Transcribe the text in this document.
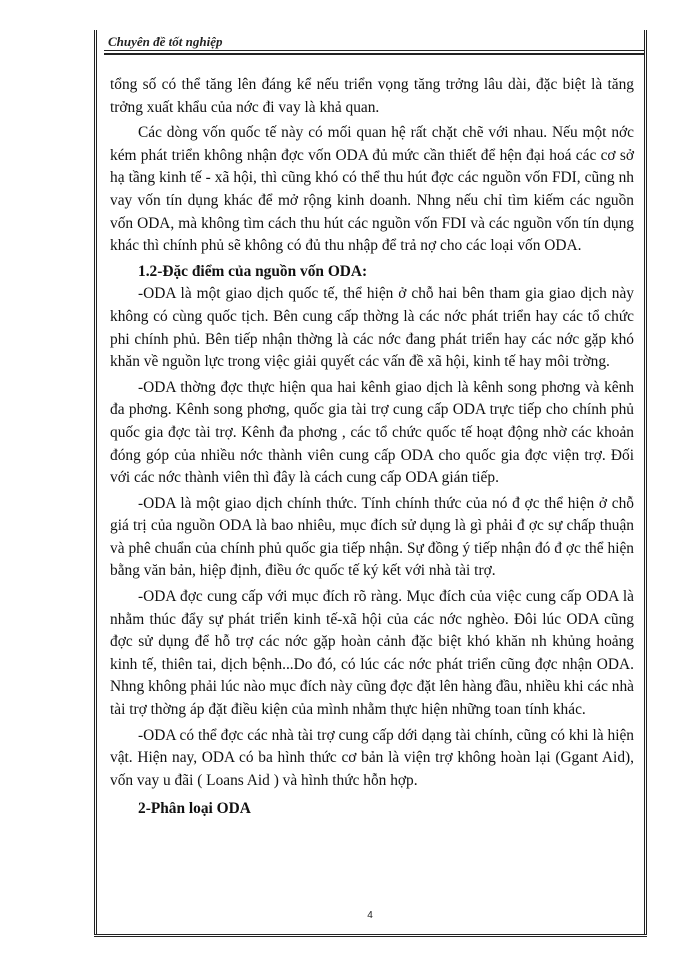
Chuyên đề tốt nghiệp

tổng số có thể tăng lên đáng kể nếu triển vọng tăng trởng lâu dài, đặc biệt là tăng trởng xuất khẩu của nớc đi vay là khả quan.

Các dòng vốn quốc tế này có mối quan hệ rất chặt chẽ với nhau. Nếu một nớc kém phát triển không nhận đợc vốn ODA đủ mức cần thiết để hện đại hoá các cơ sở hạ tầng kinh tế - xã hội, thì cũng khó có thể thu hút đợc các nguồn vốn FDI, cũng nh vay vốn tín dụng khác để mở rộng kinh doanh. Nhng nếu chỉ tìm kiếm các nguồn vốn ODA, mà không tìm cách thu hút các nguồn vốn FDI và các nguồn vốn tín dụng khác thì chính phủ sẽ không có đủ thu nhập để trả nợ cho các loại vốn ODA.

1.2-Đặc điểm của nguồn vốn ODA:

-ODA là một giao dịch quốc tế, thể hiện ở chỗ hai bên tham gia giao dịch này không có cùng quốc tịch. Bên cung cấp thờng là các nớc phát triển hay các tổ chức phi chính phủ. Bên tiếp nhận thờng là các nớc đang phát triển hay các nớc gặp khó khăn về nguồn lực trong việc giải quyết các vấn đề xã hội, kinh tế hay môi trờng.

-ODA thờng đợc thực hiện qua hai kênh giao dịch là kênh song phơng và kênh đa phơng. Kênh song phơng, quốc gia tài trợ cung cấp ODA trực tiếp cho chính phủ quốc gia đợc tài trợ. Kênh đa phơng , các tổ chức quốc tế hoạt động nhờ các khoản đóng góp của nhiều nớc thành viên cung cấp ODA cho quốc gia đợc viện trợ. Đối với các nớc thành viên thì đây là cách cung cấp ODA gián tiếp.

-ODA là một giao dịch chính thức. Tính chính thức của nó đ ợc thể hiện ở chỗ giá trị của nguồn ODA là bao nhiêu, mục đích sử dụng là gì phải đ ợc sự chấp thuận và phê chuẩn của chính phủ quốc gia tiếp nhận. Sự đồng ý tiếp nhận đó đ ợc thể hiện bằng văn bản, hiệp định, điều ớc quốc tế ký kết với nhà tài trợ.

-ODA đợc cung cấp với mục đích rõ ràng. Mục đích của việc cung cấp ODA là nhằm thúc đẩy sự phát triển kinh tế-xã hội của các nớc nghèo. Đôi lúc ODA cũng đợc sử dụng để hỗ trợ các nớc gặp hoàn cảnh đặc biệt khó khăn nh khủng hoảng kinh tế, thiên tai, dịch bệnh...Do đó, có lúc các nớc phát triển cũng đợc nhận ODA. Nhng không phải lúc nào mục đích này cũng đợc đặt lên hàng đầu, nhiều khi các nhà tài trợ thờng áp đặt điều kiện của mình nhằm thực hiện những toan tính khác.

-ODA có thể đợc các nhà tài trợ cung cấp dới dạng tài chính, cũng có khi là hiện vật. Hiện nay, ODA có ba hình thức cơ bản là viện trợ không hoàn lại (Ggant Aid), vốn vay u đãi ( Loans Aid ) và hình thức hỗn hợp.

2-Phân loại ODA
4
